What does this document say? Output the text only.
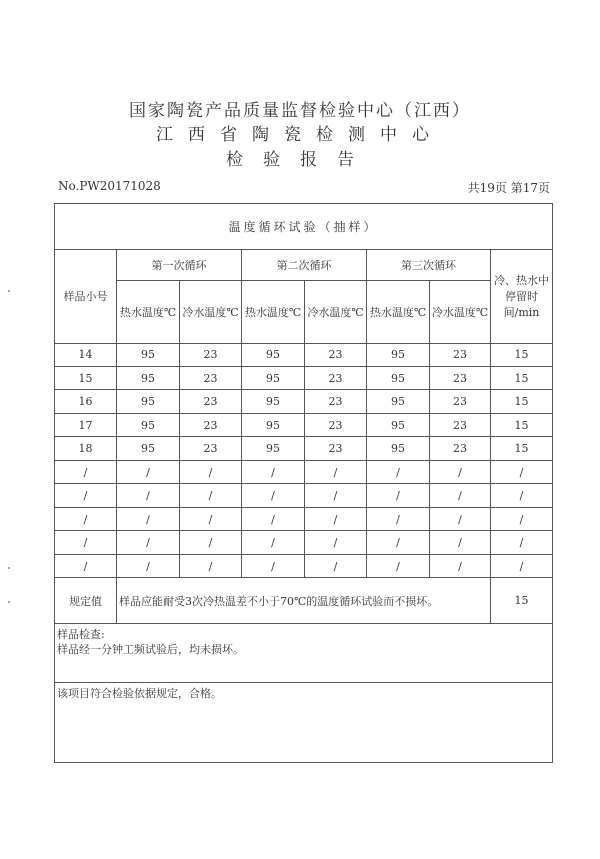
国家陶瓷产品质量监督检验中心（江西）
江西省陶瓷检测中心
检验报告
No.PW20171028	共19页 第17页
温度循环试验（抽样）							
样品小号	第一次循环		第二次循环		第三次循环		冷、热水中停留时间/min
	热水温度℃	冷水温度℃	热水温度℃	冷水温度℃	热水温度℃	冷水温度℃	
14	95	23	95	23	95	23	15
15	95	23	95	23	95	23	15
16	95	23	95	23	95	23	15
17	95	23	95	23	95	23	15
18	95	23	95	23	95	23	15
/	/	/	/	/	/	/	/
/	/	/	/	/	/	/	/
/	/	/	/	/	/	/	/
/	/	/	/	/	/	/	/
/	/	/	/	/	/	/	/
规定值	样品应能耐受3次冷热温差不小于70℃的温度循环试验而不损坏。						15

样品检查:
样品经一分钟工频试验后，均未损坏。							

该项目符合检验依据规定，合格。							
